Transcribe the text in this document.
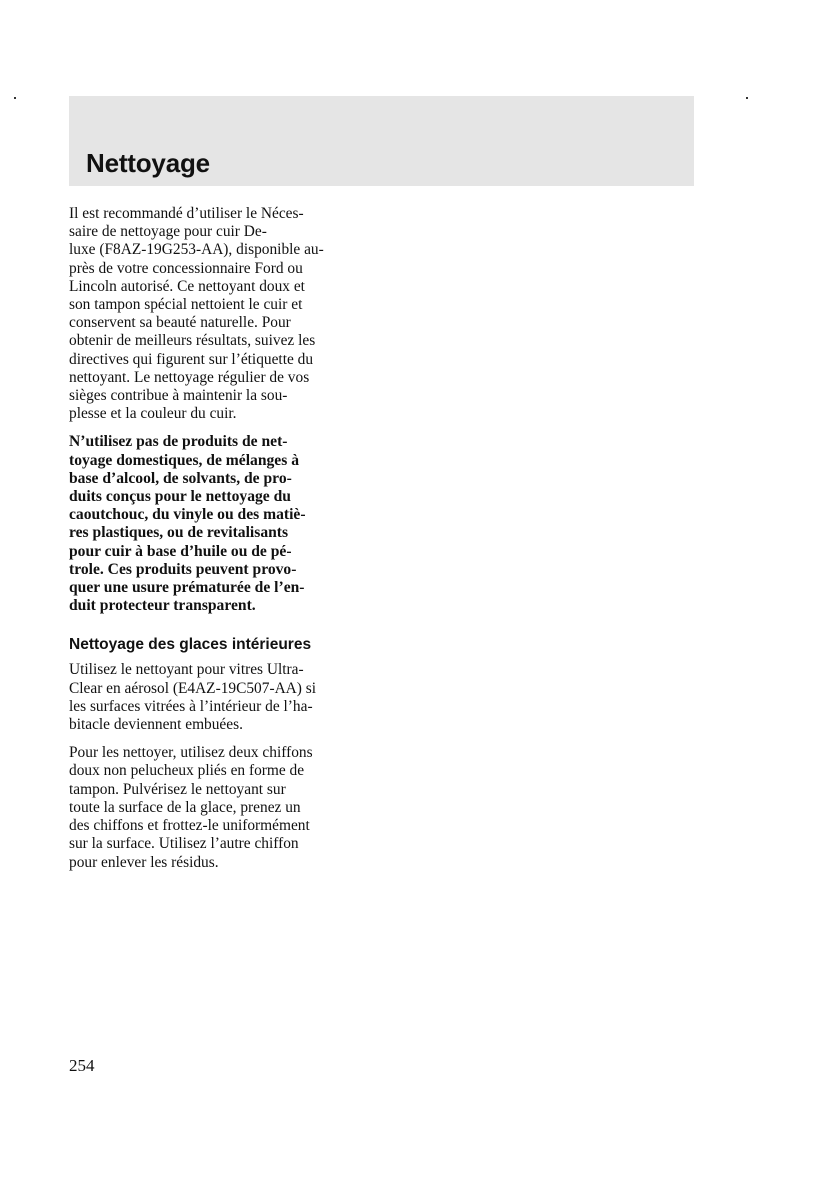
Nettoyage

Il est recommandé d’utiliser le Néces-
saire de nettoyage pour cuir De-
luxe (F8AZ-19G253-AA), disponible au-
près de votre concessionnaire Ford ou
Lincoln autorisé. Ce nettoyant doux et
son tampon spécial nettoient le cuir et
conservent sa beauté naturelle. Pour
obtenir de meilleurs résultats, suivez les
directives qui figurent sur l’étiquette du
nettoyant. Le nettoyage régulier de vos
sièges contribue à maintenir la sou-
plesse et la couleur du cuir.

N’utilisez pas de produits de net-
toyage domestiques, de mélanges à
base d’alcool, de solvants, de pro-
duits conçus pour le nettoyage du
caoutchouc, du vinyle ou des matiè-
res plastiques, ou de revitalisants
pour cuir à base d’huile ou de pé-
trole. Ces produits peuvent provo-
quer une usure prématurée de l’en-
duit protecteur transparent.

Nettoyage des glaces intérieures

Utilisez le nettoyant pour vitres Ultra-
Clear en aérosol (E4AZ-19C507-AA) si
les surfaces vitrées à l’intérieur de l’ha-
bitacle deviennent embuées.

Pour les nettoyer, utilisez deux chiffons
doux non pelucheux pliés en forme de
tampon. Pulvérisez le nettoyant sur
toute la surface de la glace, prenez un
des chiffons et frottez-le uniformément
sur la surface. Utilisez l’autre chiffon
pour enlever les résidus.

254
